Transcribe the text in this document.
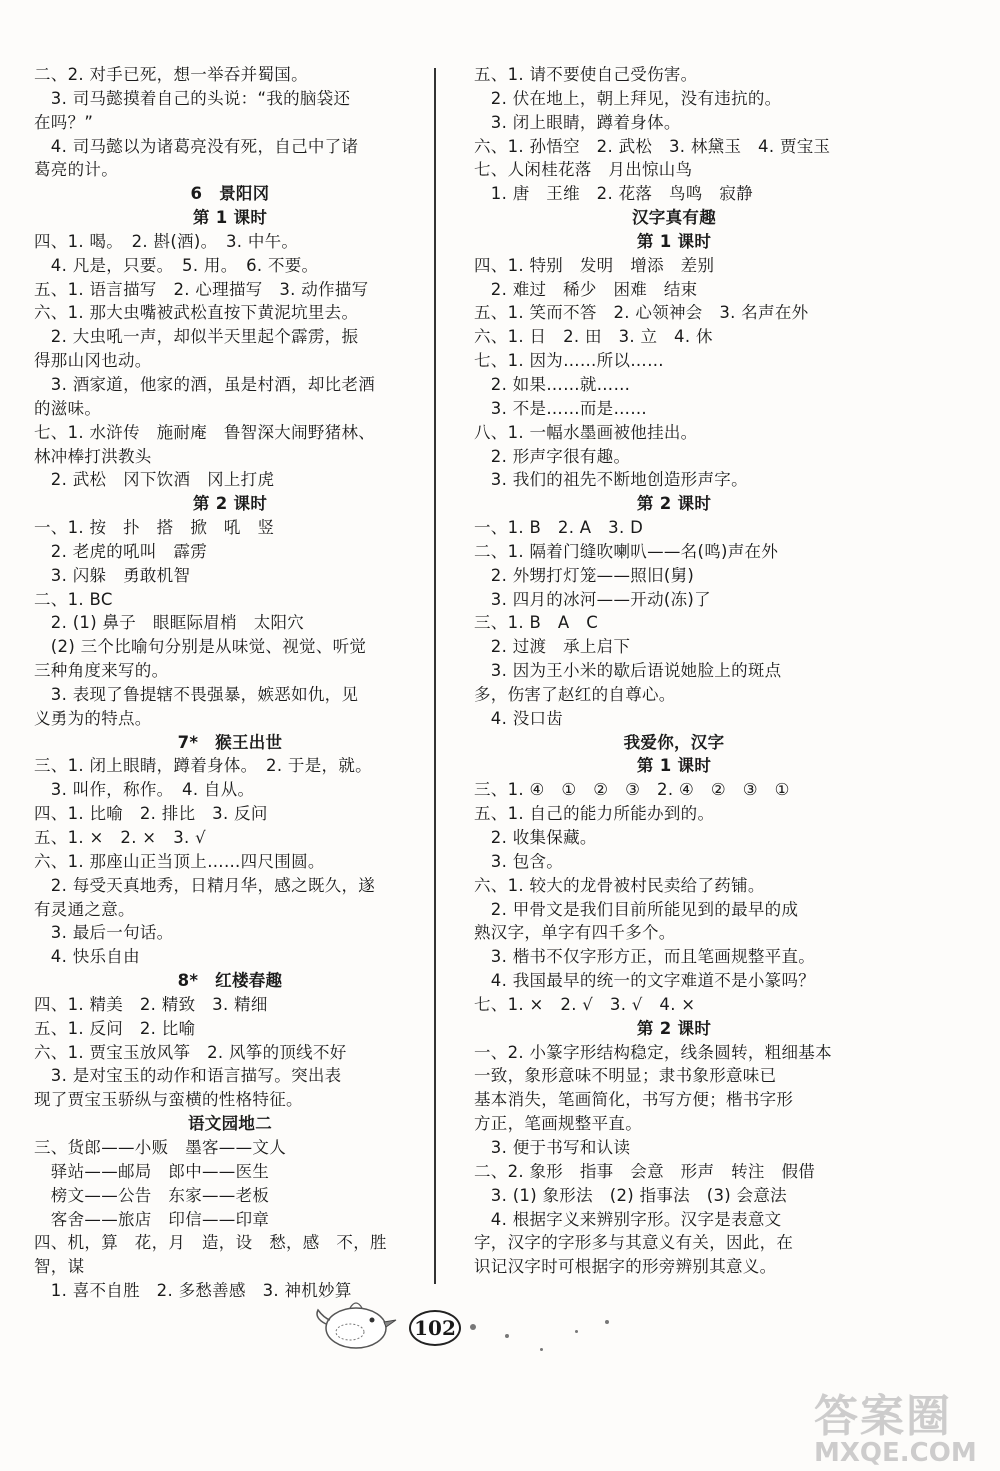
二、2. 对手已死，想一举吞并蜀国。
　3. 司马懿摸着自己的头说：“我的脑袋还
在吗？”
　4. 司马懿以为诸葛亮没有死，自己中了诸
葛亮的计。
6　景阳冈
第 1 课时
四、1. 喝。　2. 斟(酒)。　3. 中午。
　4. 凡是，只要。　5. 用。　6. 不要。
五、1. 语言描写　2. 心理描写　3. 动作描写
六、1. 那大虫嘴被武松直按下黄泥坑里去。
　2. 大虫吼一声，却似半天里起个霹雳，振
得那山冈也动。
　3. 酒家道，他家的酒，虽是村酒，却比老酒
的滋味。
七、1. 水浒传　施耐庵　鲁智深大闹野猪林、
林冲棒打洪教头
　2. 武松　冈下饮酒　冈上打虎
第 2 课时
一、1. 按　扑　搭　掀　吼　竖
　2. 老虎的吼叫　霹雳
　3. 闪躲　勇敢机智
二、1. BC
　2. (1) 鼻子　眼眶际眉梢　太阳穴
　(2) 三个比喻句分别是从味觉、视觉、听觉
三种角度来写的。
　3. 表现了鲁提辖不畏强暴，嫉恶如仇，见
义勇为的特点。
7*　猴王出世
三、1. 闭上眼睛，蹲着身体。　2. 于是，就。
　3. 叫作，称作。　4. 自从。
四、1. 比喻　2. 排比　3. 反问
五、1. ×　2. ×　3. √
六、1. 那座山正当顶上……四尺围圆。
　2. 每受天真地秀，日精月华，感之既久，遂
有灵通之意。
　3. 最后一句话。
　4. 快乐自由
8*　红楼春趣
四、1. 精美　2. 精致　3. 精细
五、1. 反问　2. 比喻
六、1. 贾宝玉放风筝　2. 风筝的顶线不好
　3. 是对宝玉的动作和语言描写。突出表
现了贾宝玉骄纵与蛮横的性格特征。
语文园地二
三、货郎——小贩　墨客——文人
　驿站——邮局　郎中——医生
　榜文——公告　东家——老板
　客舍——旅店　印信——印章
四、机，算　花，月　造，设　愁，感　不，胜
智，谋
　1. 喜不自胜　2. 多愁善感　3. 神机妙算
五、1. 请不要使自己受伤害。
　2. 伏在地上，朝上拜见，没有违抗的。
　3. 闭上眼睛，蹲着身体。
六、1. 孙悟空　2. 武松　3. 林黛玉　4. 贾宝玉
七、人闲桂花落　月出惊山鸟
　1. 唐　王维　2. 花落　鸟鸣　寂静
汉字真有趣
第 1 课时
四、1. 特别　发明　增添　差别
　2. 难过　稀少　困难　结束
五、1. 笑而不答　2. 心领神会　3. 名声在外
六、1. 日　2. 田　3. 立　4. 休
七、1. 因为……所以……
　2. 如果……就……
　3. 不是……而是……
八、1. 一幅水墨画被他挂出。
　2. 形声字很有趣。
　3. 我们的祖先不断地创造形声字。
第 2 课时
一、1. B　2. A　3. D
二、1. 隔着门缝吹喇叭——名(鸣)声在外
　2. 外甥打灯笼——照旧(舅)
　3. 四月的冰河——开动(冻)了
三、1. B　A　C
　2. 过渡　承上启下
　3. 因为王小米的歇后语说她脸上的斑点
多，伤害了赵红的自尊心。
　4. 没口齿
我爱你，汉字
第 1 课时
三、1. ④　①　②　③　2. ④　②　③　①
五、1. 自己的能力所能办到的。
　2. 收集保藏。
　3. 包含。
六、1. 较大的龙骨被村民卖给了药铺。
　2. 甲骨文是我们目前所能见到的最早的成
熟汉字，单字有四千多个。
　3. 楷书不仅字形方正，而且笔画规整平直。
　4. 我国最早的统一的文字难道不是小篆吗？
七、1. ×　2. √　3. √　4. ×
第 2 课时
一、2. 小篆字形结构稳定，线条圆转，粗细基本
一致，象形意味不明显；隶书象形意味已
基本消失，笔画简化，书写方便；楷书字形
方正，笔画规整平直。
　3. 便于书写和认读
二、2. 象形　指事　会意　形声　转注　假借
　3. (1) 象形法　(2) 指事法　(3) 会意法
　4. 根据字义来辨别字形。汉字是表意文
字，汉字的字形多与其意义有关，因此，在
识记汉字时可根据字的形旁辨别其意义。
102
答案圈
MXQE.COM
